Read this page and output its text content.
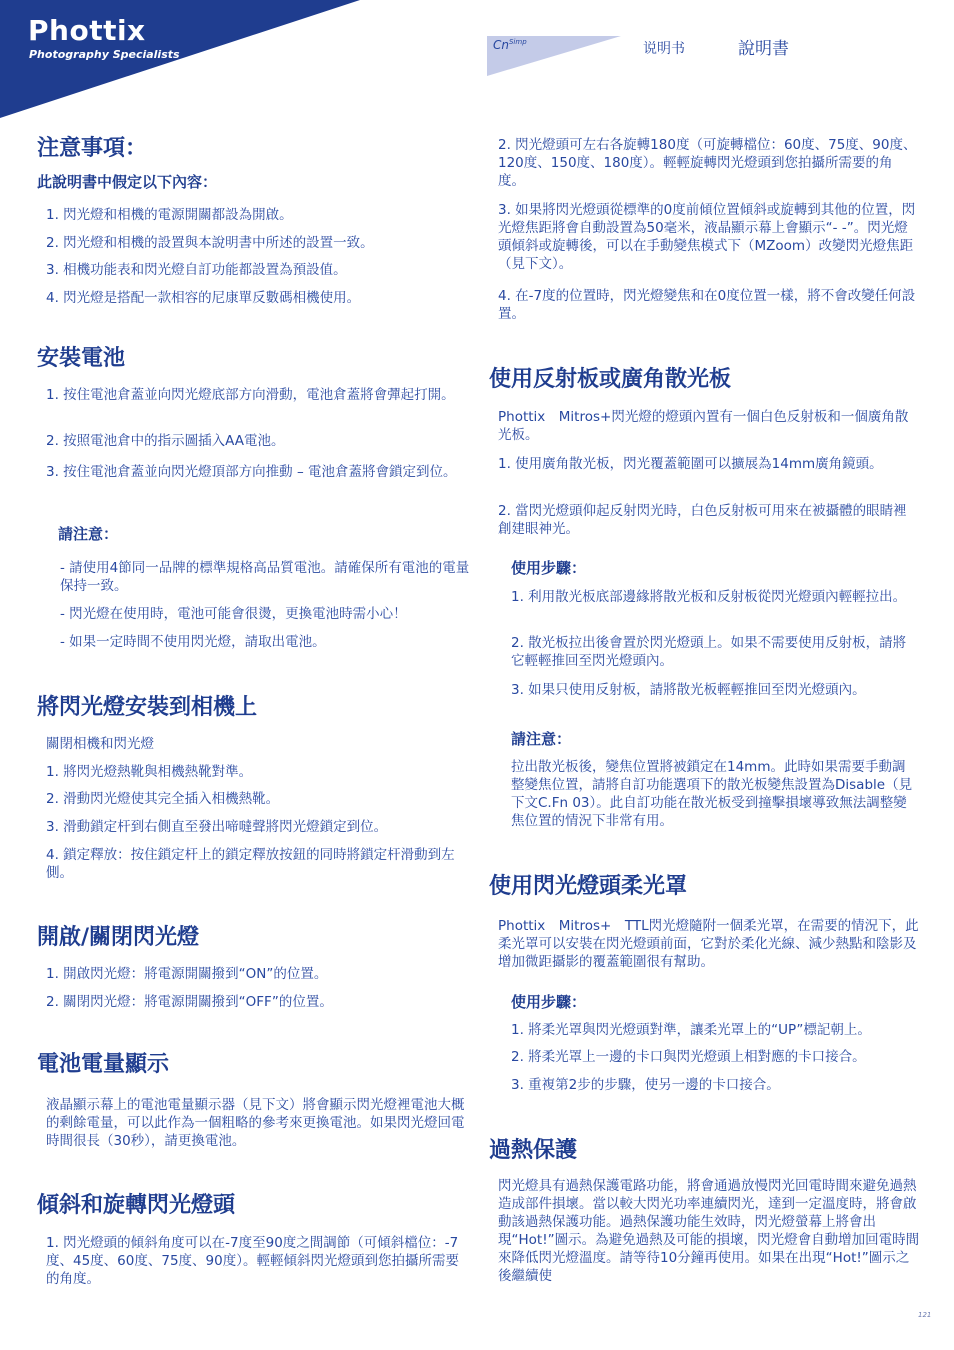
Phottix
Photography Specialists
$Cn^{Simp}$	说明书	說明書
注意事項：
此說明書中假定以下內容：
1. 閃光燈和相機的電源開關都設為開啟。
2. 閃光燈和相機的設置與本說明書中所述的設置一致。
3. 相機功能表和閃光燈自訂功能都設置為預設值。
4. 閃光燈是搭配一款相容的尼康單反數碼相機使用。
安裝電池
1. 按住電池倉蓋並向閃光燈底部方向滑動，電池倉蓋將會彈起打開。
2. 按照電池倉中的指示圖插入AA電池。
3. 按住電池倉蓋並向閃光燈頂部方向推動 – 電池倉蓋將會鎖定到位。
請注意：
- 請使用4節同一品牌的標準規格高品質電池。請確保所有電池的電量保持一致。
- 閃光燈在使用時，電池可能會很燙，更換電池時需小心！
- 如果一定時間不使用閃光燈，請取出電池。
將閃光燈安裝到相機上
關閉相機和閃光燈
1. 將閃光燈熱靴與相機熱靴對準。
2. 滑動閃光燈使其完全插入相機熱靴。
3. 滑動鎖定杆到右側直至發出啼噠聲將閃光燈鎖定到位。
4. 鎖定釋放：按住鎖定杆上的鎖定釋放按鈕的同時將鎖定杆滑動到左側。
開啟/關閉閃光燈
1. 開啟閃光燈：將電源開關撥到“ON”的位置。
2. 關閉閃光燈：將電源開關撥到“OFF”的位置。
電池電量顯示
液晶顯示幕上的電池電量顯示器（見下文）將會顯示閃光燈裡電池大概的剩餘電量，可以此作為一個粗略的參考來更換電池。如果閃光燈回電時間很長（30秒），請更換電池。
傾斜和旋轉閃光燈頭
1. 閃光燈頭的傾斜角度可以在-7度至90度之間調節（可傾斜檔位：-7度、45度、60度、75度、90度）。輕輕傾斜閃光燈頭到您拍攝所需要的角度。
2. 閃光燈頭可左右各旋轉180度（可旋轉檔位：60度、75度、90度、120度、150度、180度）。輕輕旋轉閃光燈頭到您拍攝所需要的角度。
3. 如果將閃光燈頭從標準的0度前傾位置傾斜或旋轉到其他的位置，閃光燈焦距將會自動設置為50毫米，液晶顯示幕上會顯示“- -”。閃光燈頭傾斜或旋轉後，可以在手動變焦模式下（MZoom）改變閃光燈焦距（見下文）。
4. 在-7度的位置時，閃光燈變焦和在0度位置一樣，將不會改變任何設置。
使用反射板或廣角散光板
Phottix　Mitros+閃光燈的燈頭內置有一個白色反射板和一個廣角散光板。
1. 使用廣角散光板，閃光覆蓋範圍可以擴展為14mm廣角鏡頭。
2. 當閃光燈頭仰起反射閃光時，白色反射板可用來在被攝體的眼睛裡創建眼神光。
使用步驟：
1. 利用散光板底部邊緣將散光板和反射板從閃光燈頭內輕輕拉出。
2. 散光板拉出後會置於閃光燈頭上。如果不需要使用反射板，請將它輕輕推回至閃光燈頭內。
3. 如果只使用反射板，請將散光板輕輕推回至閃光燈頭內。
請注意：
拉出散光板後，變焦位置將被鎖定在14mm。此時如果需要手動調整變焦位置，請將自訂功能選項下的散光板變焦設置為Disable（見下文C.Fn 03）。此自訂功能在散光板受到撞擊損壞導致無法調整變焦位置的情況下非常有用。
使用閃光燈頭柔光罩
Phottix　Mitros+　TTL閃光燈隨附一個柔光罩，在需要的情況下，此柔光罩可以安裝在閃光燈頭前面，它對於柔化光線、減少熱點和陰影及增加微距攝影的覆蓋範圍很有幫助。
使用步驟：
1. 將柔光罩與閃光燈頭對準，讓柔光罩上的“UP”標記朝上。
2. 將柔光罩上一邊的卡口與閃光燈頭上相對應的卡口接合。
3. 重複第2步的步驟，使另一邊的卡口接合。
過熱保護
閃光燈具有過熱保護電路功能，將會通過放慢閃光回電時間來避免過熱造成部件損壞。當以較大閃光功率連續閃光，達到一定溫度時，將會啟動該過熱保護功能。過熱保護功能生效時，閃光燈螢幕上將會出現“Hot!”圖示。為避免過熱及可能的損壞，閃光燈會自動增加回電時間來降低閃光燈溫度。請等待10分鐘再使用。如果在出現“Hot!”圖示之後繼續使
121
